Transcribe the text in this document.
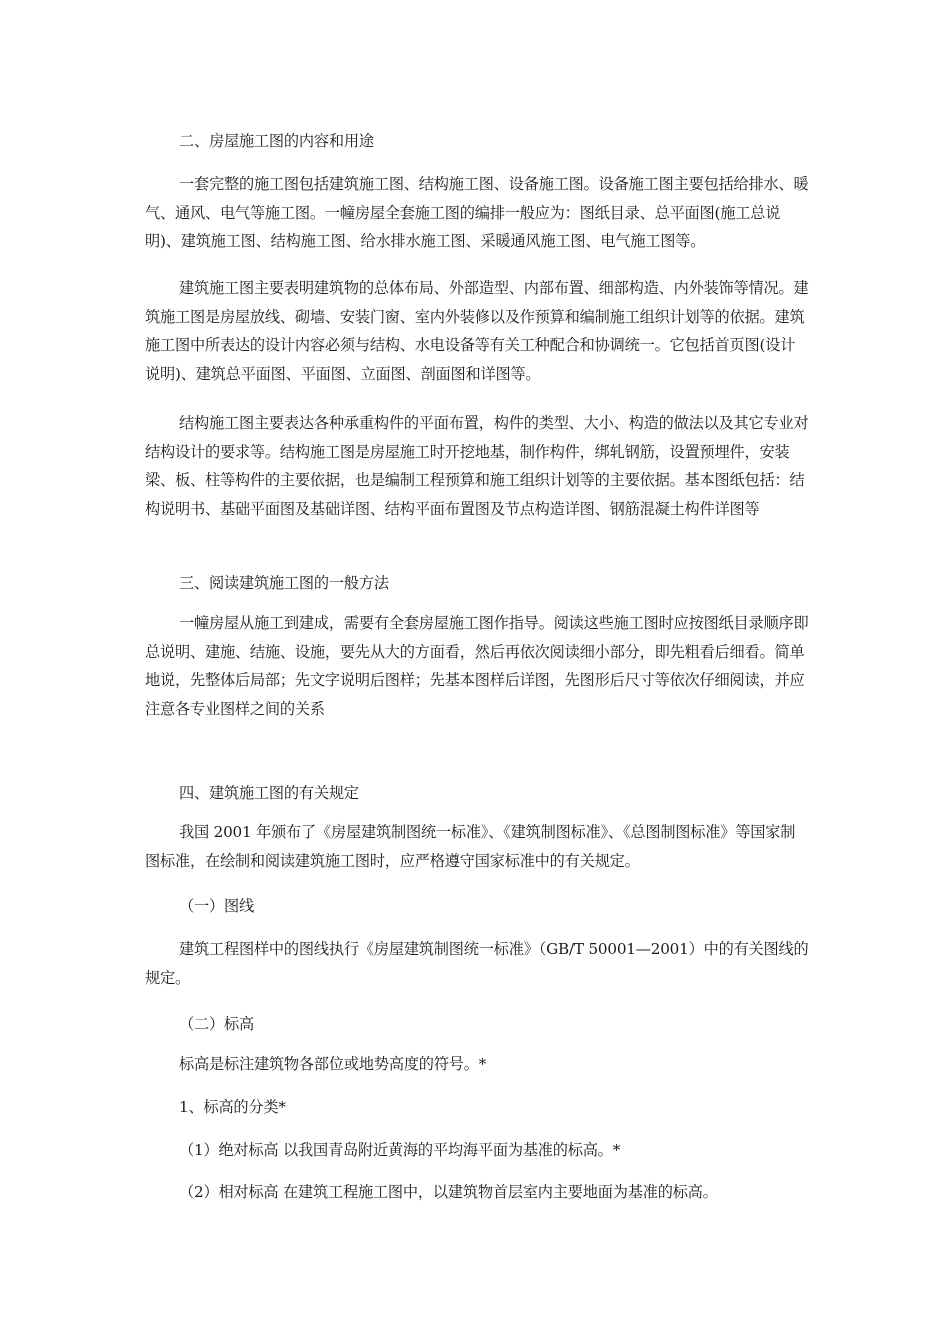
二、房屋施工图的内容和用途

一套完整的施工图包括建筑施工图、结构施工图、设备施工图。设备施工图主要包括给排水、暖气、通风、电气等施工图。一幢房屋全套施工图的编排一般应为：图纸目录、总平面图(施工总说明)、建筑施工图、结构施工图、给水排水施工图、采暖通风施工图、电气施工图等。

建筑施工图主要表明建筑物的总体布局、外部造型、内部布置、细部构造、内外装饰等情况。建筑施工图是房屋放线、砌墙、安装门窗、室内外装修以及作预算和编制施工组织计划等的依据。建筑施工图中所表达的设计内容必须与结构、水电设备等有关工种配合和协调统一。它包括首页图(设计说明)、建筑总平面图、平面图、立面图、剖面图和详图等。

结构施工图主要表达各种承重构件的平面布置，构件的类型、大小、构造的做法以及其它专业对结构设计的要求等。结构施工图是房屋施工时开挖地基，制作构件，绑轧钢筋，设置预埋件，安装梁、板、柱等构件的主要依据，也是编制工程预算和施工组织计划等的主要依据。基本图纸包括：结构说明书、基础平面图及基础详图、结构平面布置图及节点构造详图、钢筋混凝土构件详图等

三、阅读建筑施工图的一般方法

一幢房屋从施工到建成，需要有全套房屋施工图作指导。阅读这些施工图时应按图纸目录顺序即总说明、建施、结施、设施，要先从大的方面看，然后再依次阅读细小部分，即先粗看后细看。简单地说，先整体后局部；先文字说明后图样；先基本图样后详图，先图形后尺寸等依次仔细阅读，并应注意各专业图样之间的关系

四、建筑施工图的有关规定

我国 2001 年颁布了《房屋建筑制图统一标准》、《建筑制图标准》、《总图制图标准》等国家制图标准，在绘制和阅读建筑施工图时，应严格遵守国家标准中的有关规定。

（一）图线

建筑工程图样中的图线执行《房屋建筑制图统一标准》（GB/T 50001—2001）中的有关图线的规定。

（二）标高

标高是标注建筑物各部位或地势高度的符号。*

1、标高的分类*

（1）绝对标高 以我国青岛附近黄海的平均海平面为基准的标高。*

（2）相对标高 在建筑工程施工图中，以建筑物首层室内主要地面为基准的标高。
